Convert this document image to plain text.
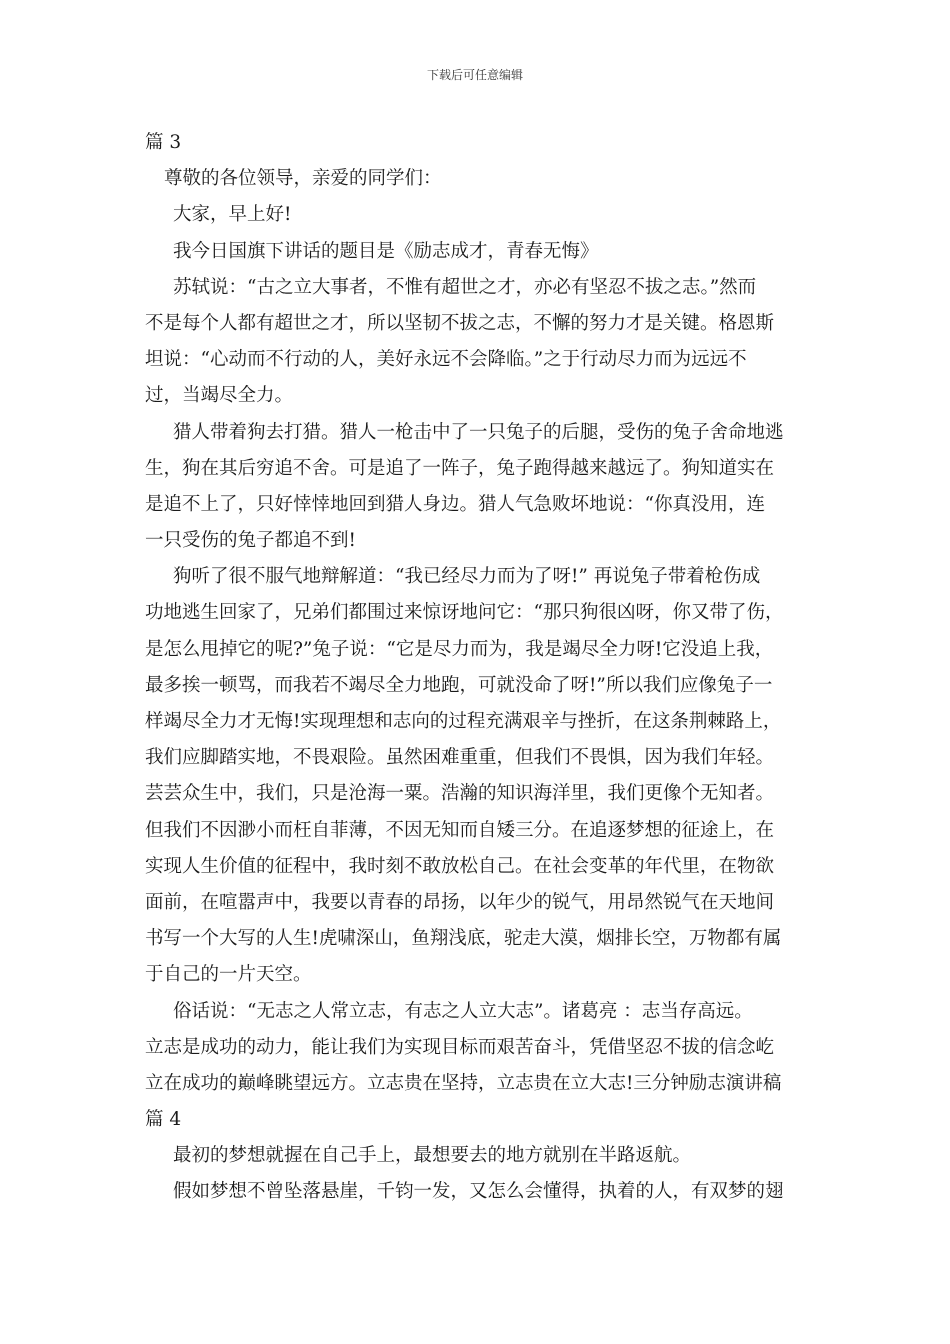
下载后可任意编辑
篇 3
尊敬的各位领导，亲爱的同学们：
大家，早上好!
我今日国旗下讲话的题目是《励志成才，青春无悔》
苏轼说：“古之立大事者，不惟有超世之才，亦必有坚忍不拔之志。”然而
不是每个人都有超世之才，所以坚韧不拔之志，不懈的努力才是关键。格恩斯
坦说：“心动而不行动的人，美好永远不会降临。”之于行动尽力而为远远不
过，当竭尽全力。
猎人带着狗去打猎。猎人一枪击中了一只兔子的后腿，受伤的兔子舍命地逃
生，狗在其后穷追不舍。可是追了一阵子，兔子跑得越来越远了。狗知道实在
是追不上了，只好悻悻地回到猎人身边。猎人气急败坏地说：“你真没用，连
一只受伤的兔子都追不到!
狗听了很不服气地辩解道：“我已经尽力而为了呀!” 再说兔子带着枪伤成
功地逃生回家了，兄弟们都围过来惊讶地问它：“那只狗很凶呀，你又带了伤，
是怎么甩掉它的呢?”兔子说：“它是尽力而为，我是竭尽全力呀!它没追上我，
最多挨一顿骂，而我若不竭尽全力地跑，可就没命了呀!”所以我们应像兔子一
样竭尽全力才无悔!实现理想和志向的过程充满艰辛与挫折，在这条荆棘路上，
我们应脚踏实地，不畏艰险。虽然困难重重，但我们不畏惧，因为我们年轻。
芸芸众生中，我们，只是沧海一粟。浩瀚的知识海洋里，我们更像个无知者。
但我们不因渺小而枉自菲薄，不因无知而自矮三分。在追逐梦想的征途上，在
实现人生价值的征程中，我时刻不敢放松自己。在社会变革的年代里，在物欲
面前，在喧嚣声中，我要以青春的昂扬，以年少的锐气，用昂然锐气在天地间
书写一个大写的人生!虎啸深山，鱼翔浅底，驼走大漠，烟排长空，万物都有属
于自己的一片天空。
俗话说：“无志之人常立志，有志之人立大志”。诸葛亮 ：志当存高远。
立志是成功的动力，能让我们为实现目标而艰苦奋斗，凭借坚忍不拔的信念屹
立在成功的巅峰眺望远方。立志贵在坚持，立志贵在立大志!三分钟励志演讲稿
篇 4
最初的梦想就握在自己手上，最想要去的地方就别在半路返航。
假如梦想不曾坠落悬崖，千钧一发，又怎么会懂得，执着的人，有双梦的翅
